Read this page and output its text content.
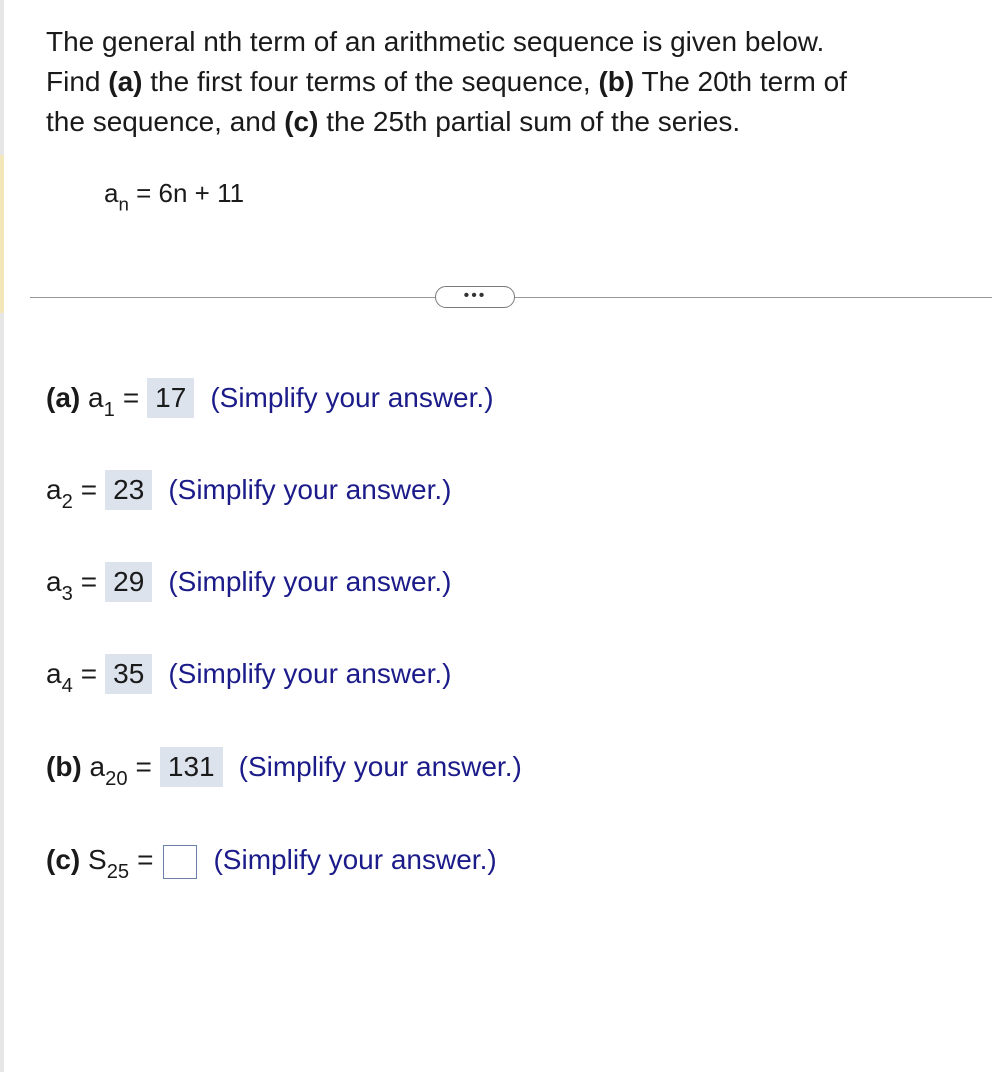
The general nth term of an arithmetic sequence is given below.
Find (a) the first four terms of the sequence, (b) The 20th term of
the sequence, and (c) the 25th partial sum of the series.
$a_n = 6n + 11$
•••
(a) $a_1 = 17$ (Simplify your answer.)
$a_2 = 23$ (Simplify your answer.)
$a_3 = 29$ (Simplify your answer.)
$a_4 = 35$ (Simplify your answer.)
(b) $a_{20} = 131$ (Simplify your answer.)
(c) $S_{25}$ = (Simplify your answer.)
